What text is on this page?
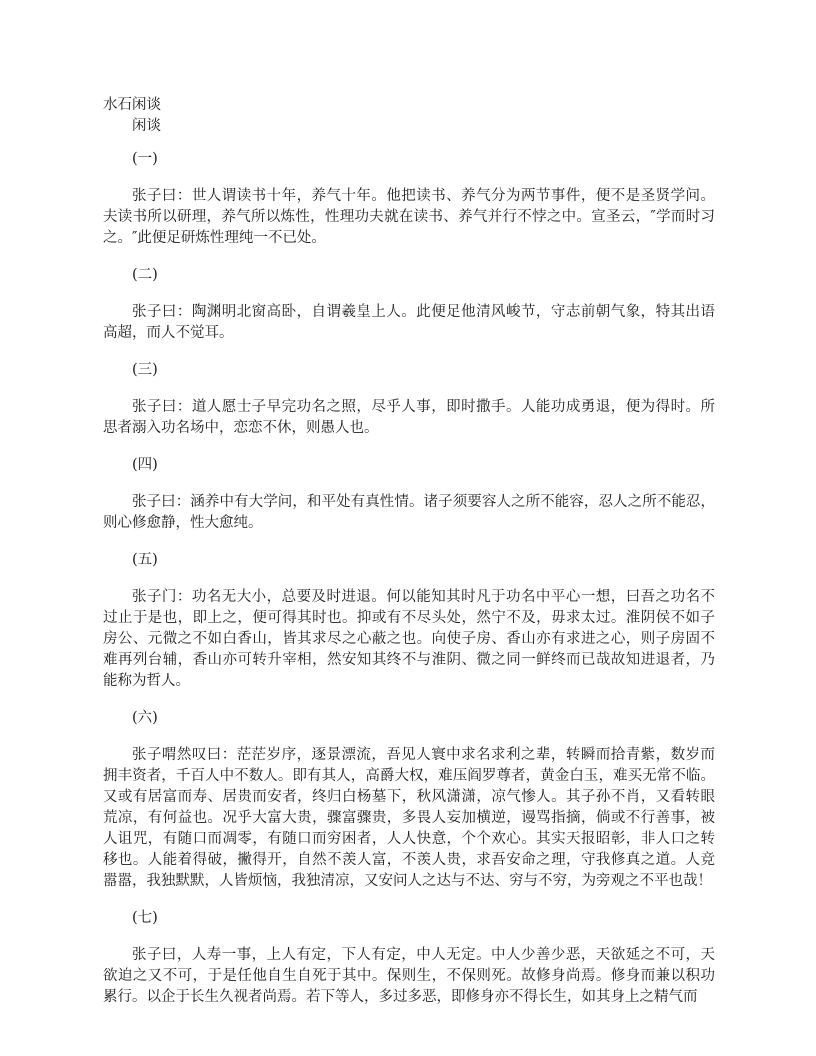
水石闲谈
闲谈
(一)
张子曰：世人谓读书十年，养气十年。他把读书、养气分为两节事件，便不是圣贤学问。
夫读书所以研理，养气所以炼性，性理功夫就在读书、养气并行不悖之中。宣圣云，″学而时习
之。″此便足研炼性理纯一不已处。
(二)
张子曰：陶渊明北窗高卧，自谓羲皇上人。此便足他清风峻节，守志前朝气象，特其出语
高超，而人不觉耳。
(三)
张子曰：道人愿士子早完功名之照，尽乎人事，即时撒手。人能功成勇退，便为得时。所
思者溺入功名场中，恋恋不休，则愚人也。
(四)
张子曰：涵养中有大学问，和平处有真性情。诸子须要容人之所不能容，忍人之所不能忍，
则心修愈静，性大愈纯。
(五)
张子门：功名无大小，总要及时进退。何以能知其时凡于功名中平心一想，曰吾之功名不
过止于是也，即上之，便可得其时也。抑或有不尽头处，然宁不及，毋求太过。淮阴侯不如子
房公、元微之不如白香山，皆其求尽之心蔽之也。向使子房、香山亦有求进之心，则子房固不
难再列台辅，香山亦可转升宰相，然安知其终不与淮阴、微之同一鲜终而已哉故知进退者，乃
能称为哲人。
(六)
张子喟然叹曰：茫茫岁序，逐景漂流，吾见人寰中求名求利之辈，转瞬而拾青紫，数岁而
拥丰资者，千百人中不数人。即有其人，高爵大权，难压阎罗尊者，黄金白玉，难买无常不临。
又或有居富而寿、居贵而安者，终归白杨墓下，秋风潇潇，凉气惨人。其子孙不肖，又看转眼
荒凉，有何益也。况乎大富大贵，骤富骤贵，多畏人妄加横逆，谩骂指摘，倘或不行善事，被
人诅咒，有随口而凋零，有随口而穷困者，人人快意，个个欢心。其实天报昭彰，非人口之转
移也。人能着得破，撇得开，自然不羡人富，不羡人贵，求吾安命之理，守我修真之道。人竞
嚣嚣，我独默默，人皆烦恼，我独清凉，又安问人之达与不达、穷与不穷，为旁观之不平也哉！
(七)
张子曰，人寿一事，上人有定，下人有定，中人无定。中人少善少恶，天欲延之不可，天
欲迫之又不可，于是任他自生自死于其中。保则生，不保则死。故修身尚焉。修身而兼以积功
累行。以企于长生久视者尚焉。若下等人，多过多恶，即修身亦不得长生，如其身上之精气而
